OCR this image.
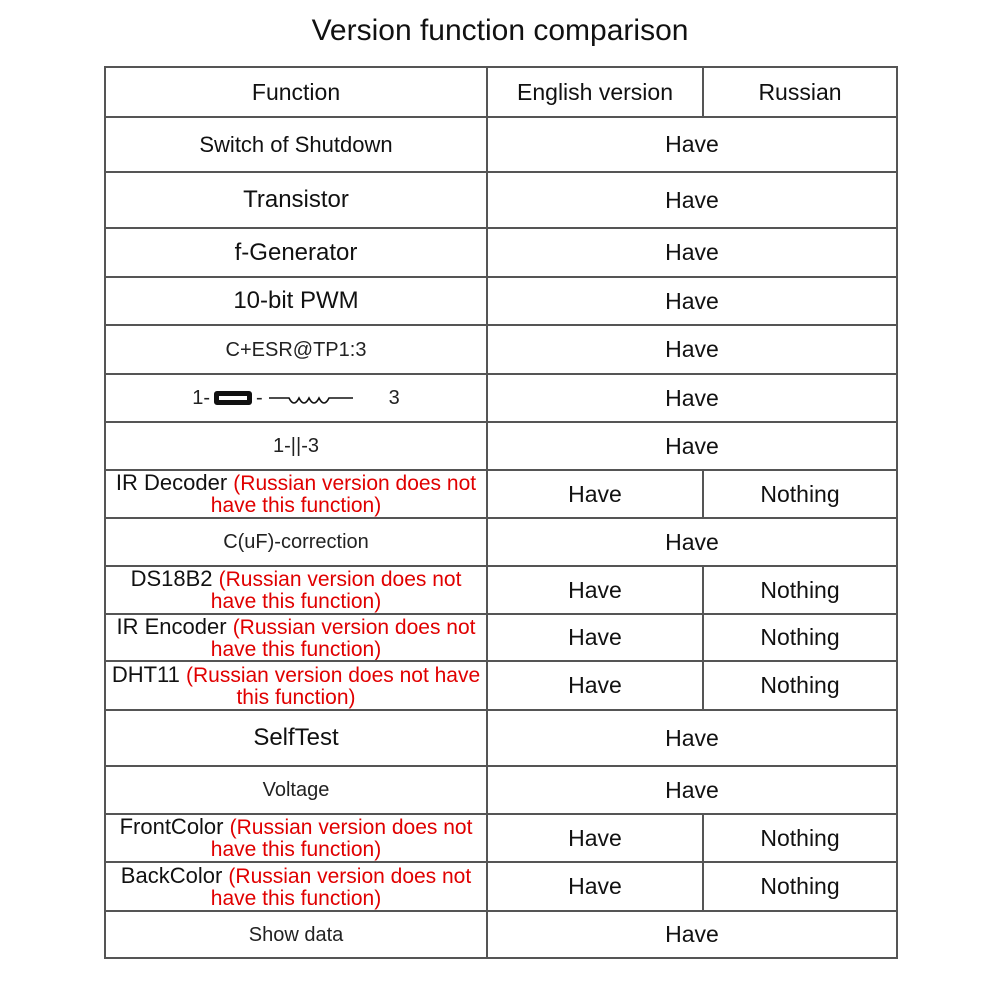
Version function comparison
Function	English version	Russian
Switch of Shutdown	Have	
Transistor	Have	
f-Generator	Have	
10-bit PWM	Have	
C+ESR@TP1:3	Have	

1- - 3	Have	
1-||-3	Have	
IR Decoder (Russian version does not have this function)	Have	Nothing
C(uF)-correction	Have	
DS18B2 (Russian version does not have this function)	Have	Nothing
IR Encoder (Russian version does not have this function)	Have	Nothing
DHT11 (Russian version does not have this function)	Have	Nothing
SelfTest	Have	
Voltage	Have	
FrontColor (Russian version does not have this function)	Have	Nothing
BackColor (Russian version does not have this function)	Have	Nothing
Show data	Have	
